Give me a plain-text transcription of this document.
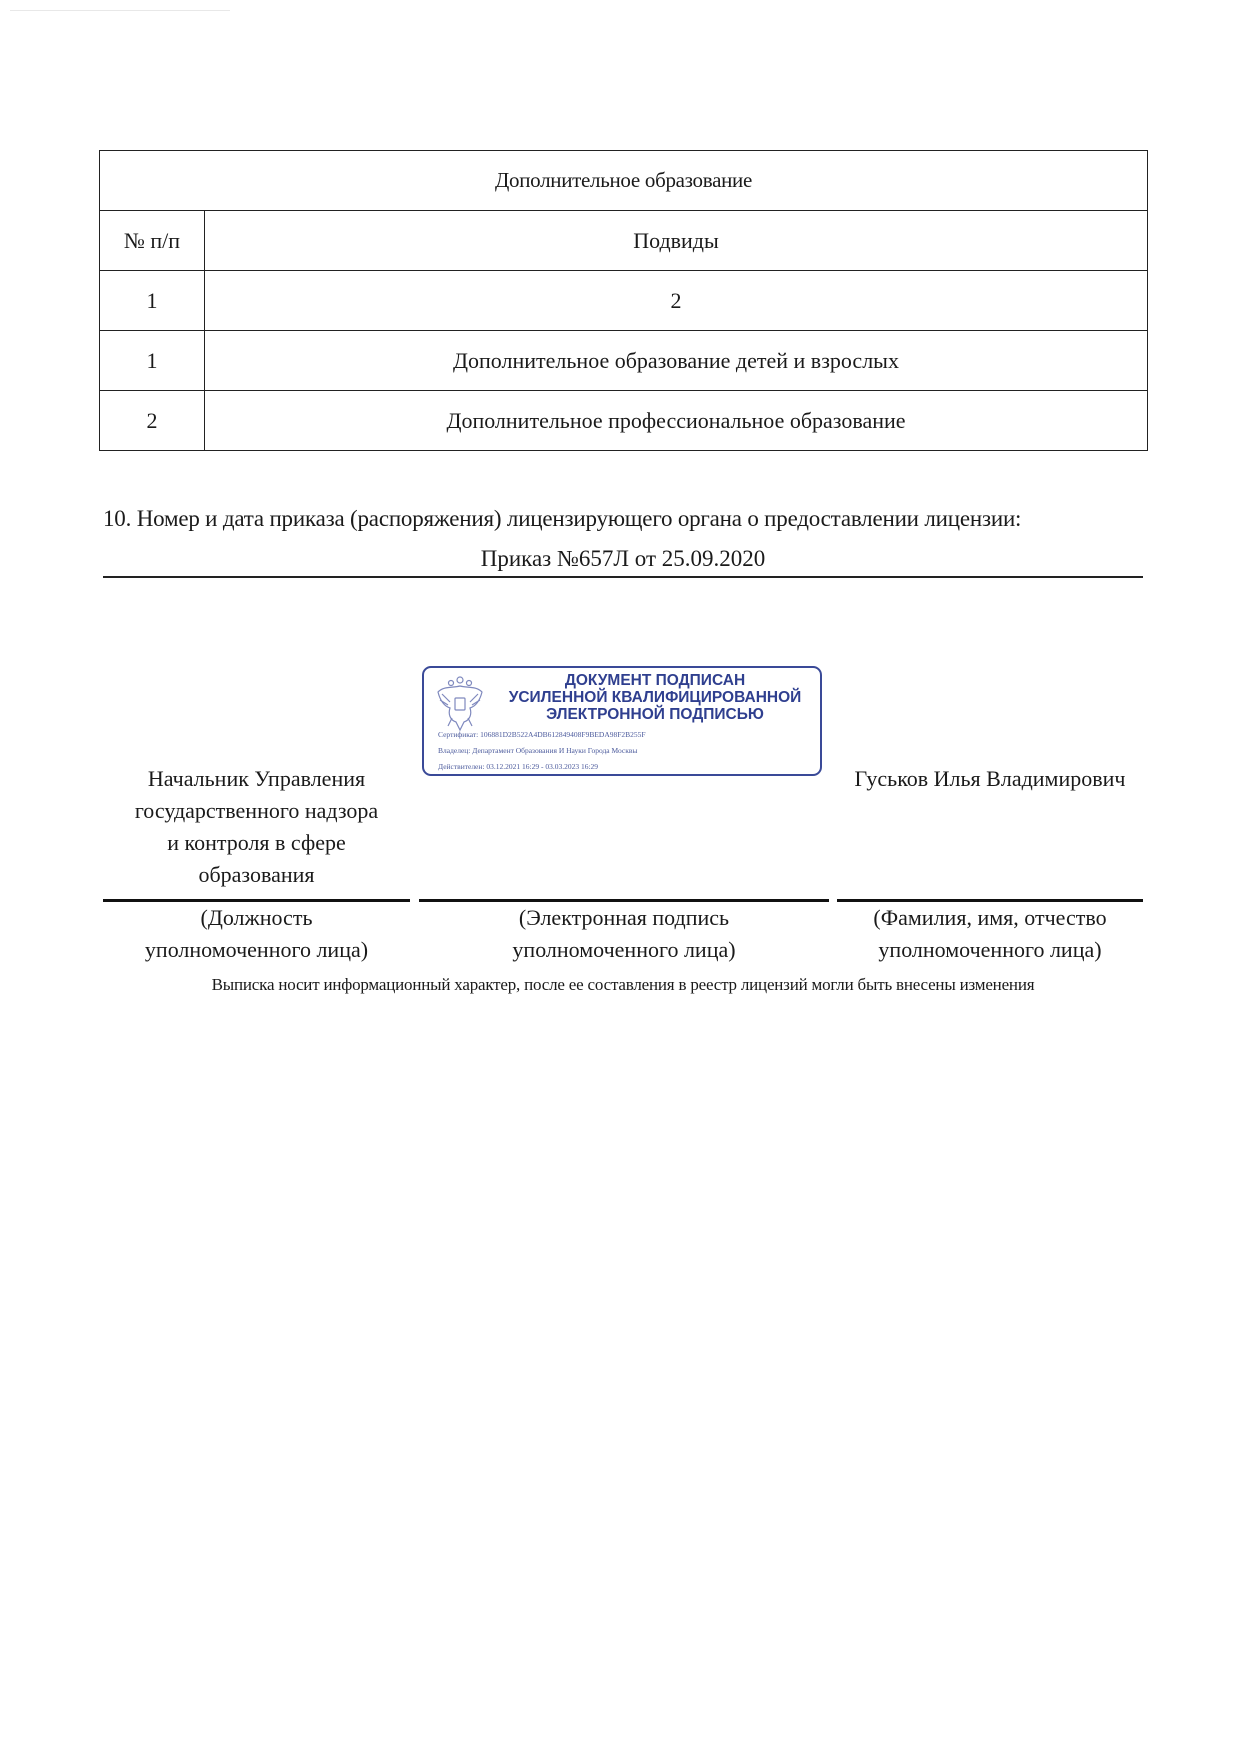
Дополнительное образование	
№ п/п	Подвиды
1	2
1	Дополнительное образование детей и взрослых
2	Дополнительное профессиональное образование
10. Номер и дата приказа (распоряжения) лицензирующего органа о предоставлении лицензии:
Приказ №657Л от 25.09.2020
ДОКУМЕНТ ПОДПИСАН
УСИЛЕННОЙ КВАЛИФИЦИРОВАННОЙ
ЭЛЕКТРОННОЙ ПОДПИСЬЮ
Сертификат: 106881D2B522A4DB612849408F9BEDA98F2B255F
Владелец: Департамент Образования И Науки Города Москвы
Действителен: 03.12.2021 16:29 - 03.03.2023 16:29
Начальник Управления
государственного надзора
и контроля в сфере
образования
Гуськов Илья Владимирович
(Должность
уполномоченного лица)
(Электронная подпись
уполномоченного лица)
(Фамилия, имя, отчество
уполномоченного лица)
Выписка носит информационный характер, после ее составления в реестр лицензий могли быть внесены изменения
